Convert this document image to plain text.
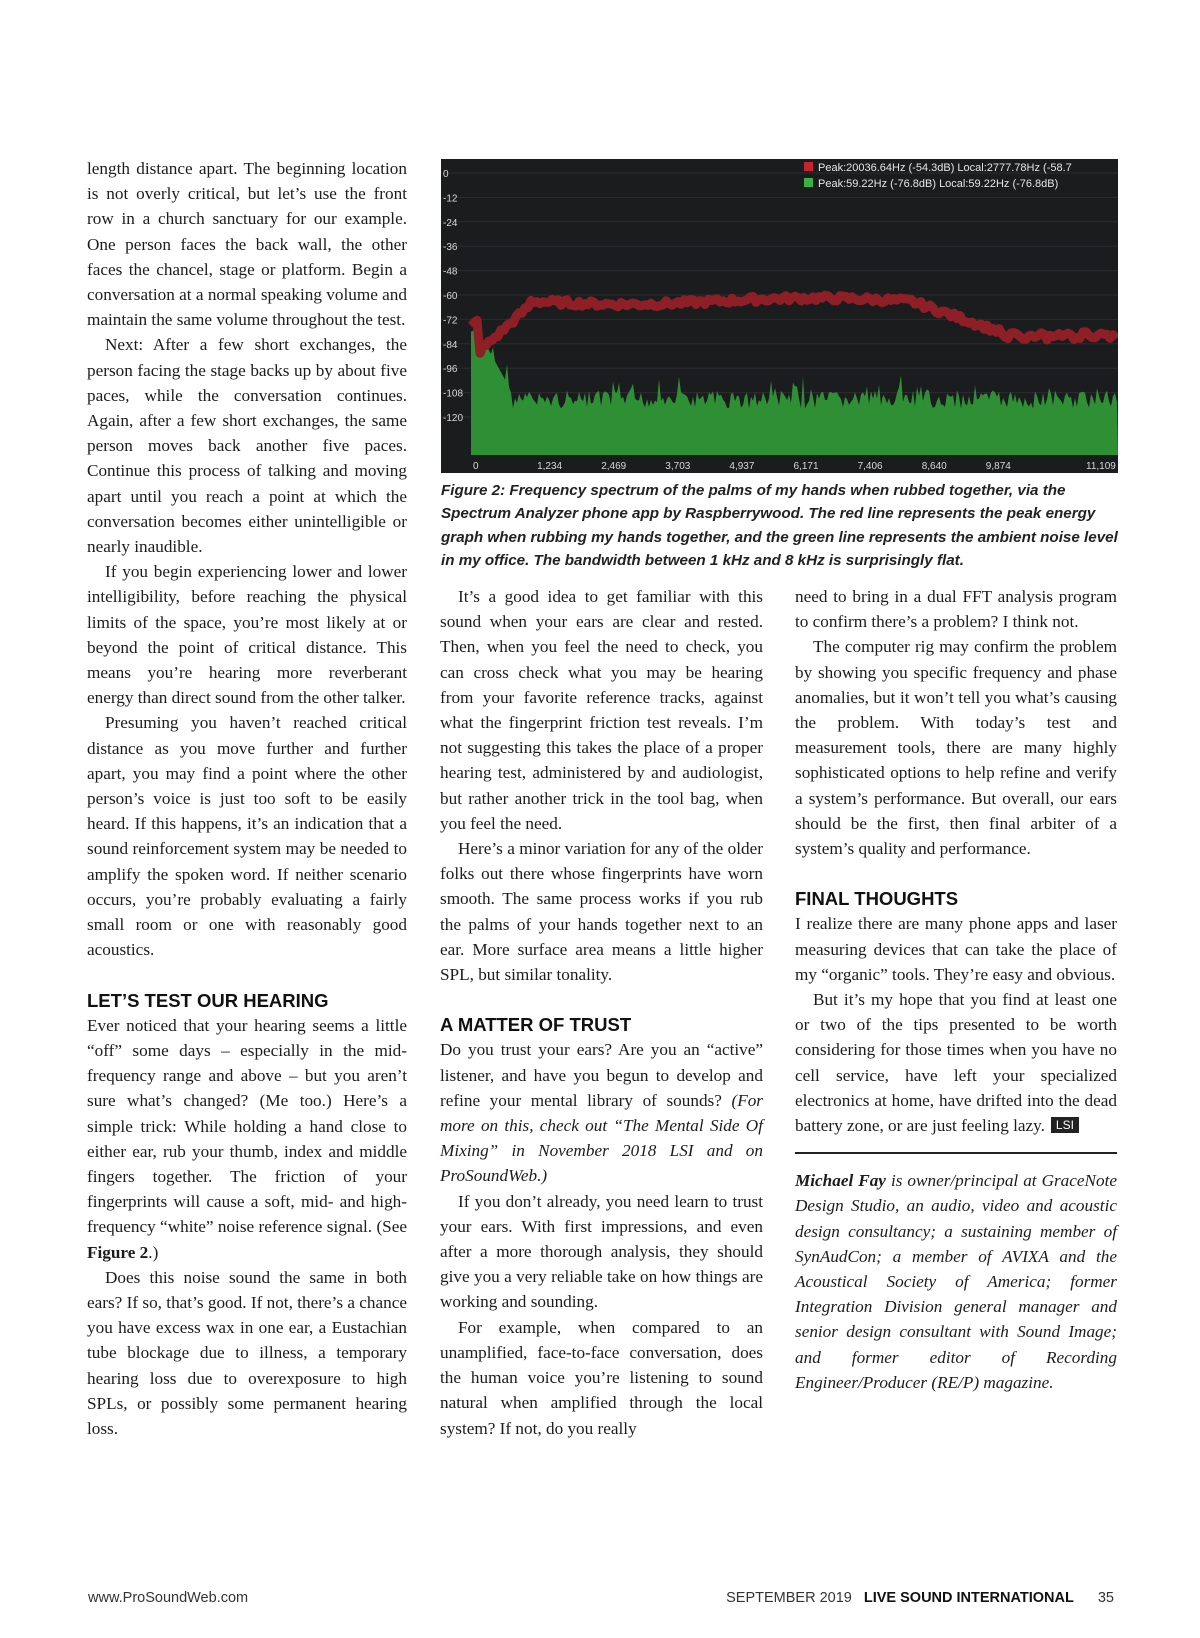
length distance apart. The beginning location is not overly critical, but let’s use the front row in a church sanctuary for our example. One person faces the back wall, the other faces the chancel, stage or platform. Begin a conversation at a normal speaking volume and maintain the same volume throughout the test.

Next: After a few short exchanges, the person facing the stage backs up by about five paces, while the conversation continues. Again, after a few short exchanges, the same person moves back another five paces. Continue this process of talking and moving apart until you reach a point at which the conversation becomes either unintelligible or nearly inaudible.

If you begin experiencing lower and lower intelligibility, before reaching the physical limits of the space, you’re most likely at or beyond the point of critical distance. This means you’re hearing more reverberant energy than direct sound from the other talker.

Presuming you haven’t reached critical distance as you move further and further apart, you may find a point where the other person’s voice is just too soft to be easily heard. If this happens, it’s an indication that a sound reinforcement system may be needed to amplify the spoken word. If neither scenario occurs, you’re probably evaluating a fairly small room or one with reasonably good acoustics.

LET’S TEST OUR HEARING

Ever noticed that your hearing seems a little “off” some days – especially in the mid-frequency range and above – but you aren’t sure what’s changed? (Me too.) Here’s a simple trick: While holding a hand close to either ear, rub your thumb, index and middle fingers together. The friction of your fingerprints will cause a soft, mid- and high-frequency “white” noise reference signal. (See Figure 2.)

Does this noise sound the same in both ears? If so, that’s good. If not, there’s a chance you have excess wax in one ear, a Eustachian tube blockage due to illness, a temporary hearing loss due to overexposure to high SPLs, or possibly some permanent hearing loss.

0
-12
-24
-36
-48
-60
-72
-84
-96
-108
-120
0	1,234	2,469	3,703	4,937	6,171	7,406	8,640	9,874	11,109
Peak:20036.64Hz (-54.3dB) Local:2777.78Hz (-58.7
Peak:59.22Hz (-76.8dB) Local:59.22Hz (-76.8dB)
Figure 2: Frequency spectrum of the palms of my hands when rubbed together, via the Spectrum Analyzer phone app by Raspberrywood. The red line represents the peak energy graph when rubbing my hands together, and the green line represents the ambient noise level in my office. The bandwidth between 1 kHz and 8 kHz is surprisingly flat.

It’s a good idea to get familiar with this sound when your ears are clear and rested. Then, when you feel the need to check, you can cross check what you may be hearing from your favorite reference tracks, against what the fingerprint friction test reveals. I’m not suggesting this takes the place of a proper hearing test, administered by and audiologist, but rather another trick in the tool bag, when you feel the need.

Here’s a minor variation for any of the older folks out there whose fingerprints have worn smooth. The same process works if you rub the palms of your hands together next to an ear. More surface area means a little higher SPL, but similar tonality.

A MATTER OF TRUST

Do you trust your ears? Are you an “active” listener, and have you begun to develop and refine your mental library of sounds? (For more on this, check out “The Mental Side Of Mixing” in November 2018 LSI and on ProSoundWeb.)

If you don’t already, you need learn to trust your ears. With first impressions, and even after a more thorough analysis, they should give you a very reliable take on how things are working and sounding.

For example, when compared to an unamplified, face-to-face conversation, does the human voice you’re listening to sound natural when amplified through the local system? If not, do you really

need to bring in a dual FFT analysis program to confirm there’s a problem? I think not.

The computer rig may confirm the problem by showing you specific frequency and phase anomalies, but it won’t tell you what’s causing the problem. With today’s test and measurement tools, there are many highly sophisticated options to help refine and verify a system’s performance. But overall, our ears should be the first, then final arbiter of a system’s quality and performance.

FINAL THOUGHTS

I realize there are many phone apps and laser measuring devices that can take the place of my “organic” tools. They’re easy and obvious.

But it’s my hope that you find at least one or two of the tips presented to be worth considering for those times when you have no cell service, have left your specialized electronics at home, have drifted into the dead battery zone, or are just feeling lazy. LSI

Michael Fay is owner/principal at GraceNote Design Studio, an audio, video and acoustic design consultancy; a sustaining member of SynAudCon; a member of AVIXA and the Acoustical Society of America; former Integration Division general manager and senior design consultant with Sound Image; and former editor of Recording Engineer/Producer (RE/P) magazine.

www.ProSoundWeb.com	SEPTEMBER 2019 LIVE SOUND INTERNATIONAL 35
